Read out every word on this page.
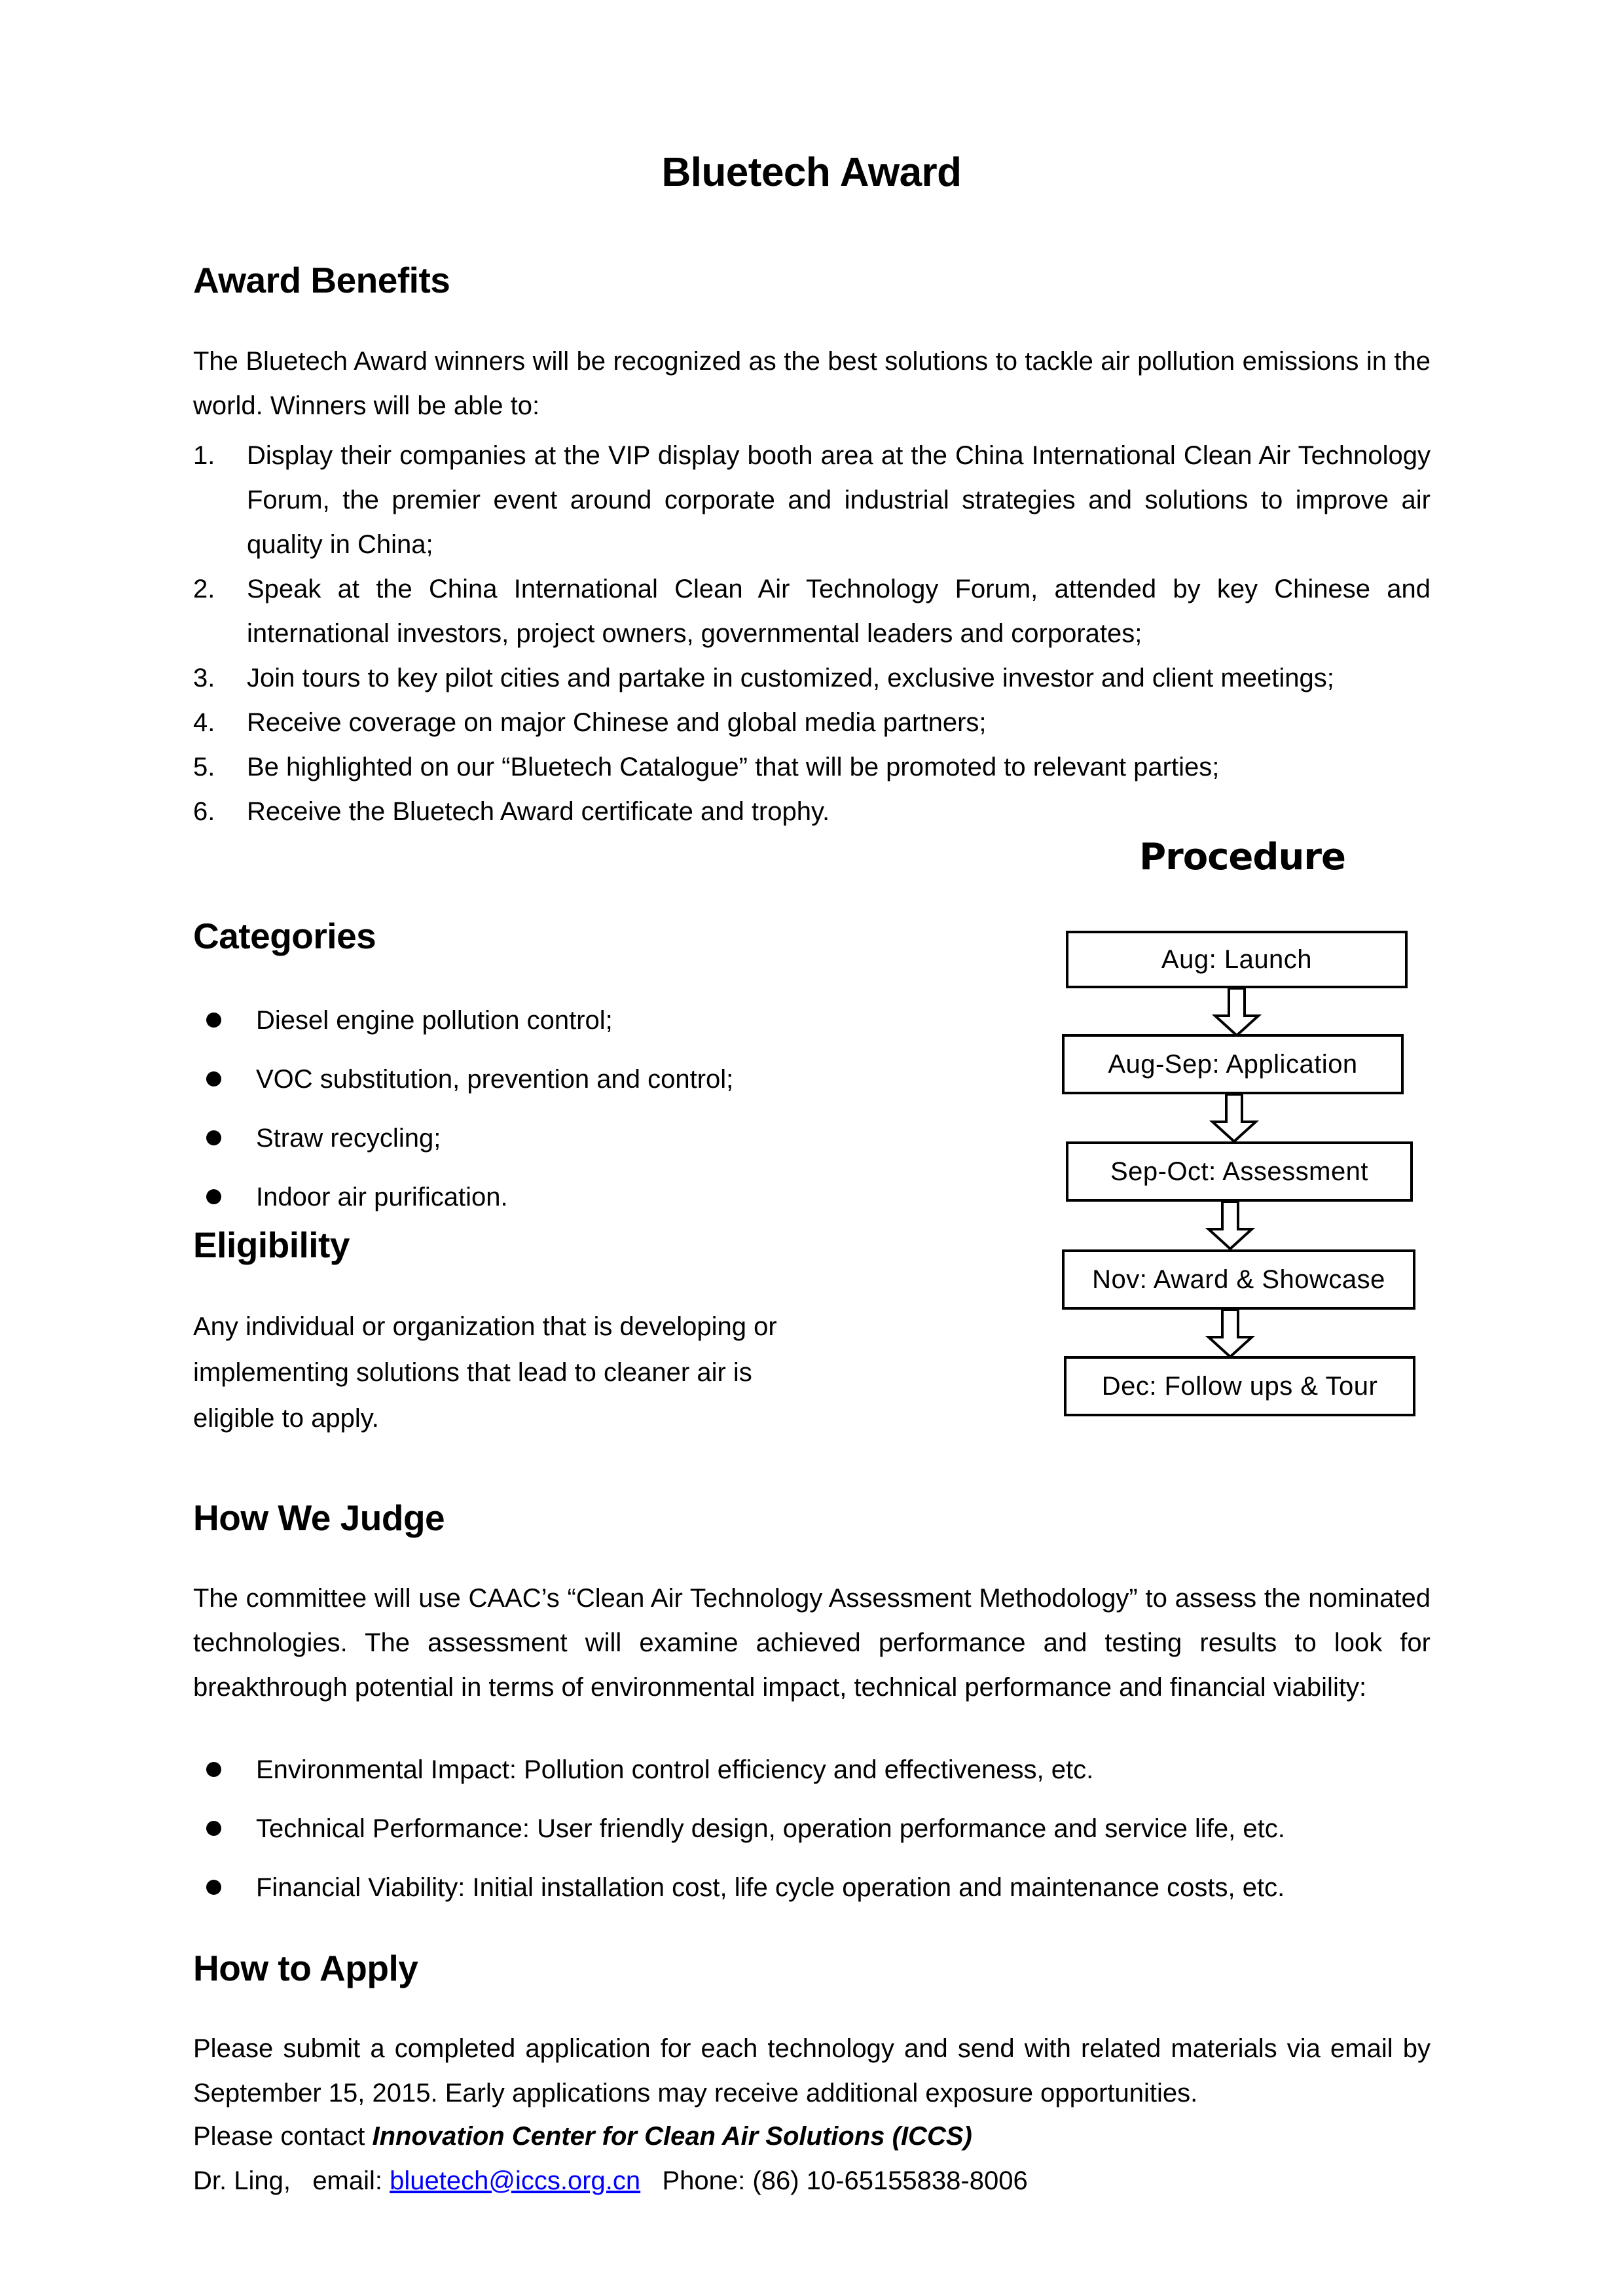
Bluetech Award
Award Benefits
The Bluetech Award winners will be recognized as the best solutions to tackle air pollution emissions in the world. Winners will be able to:
1. Display their companies at the VIP display booth area at the China International Clean Air Technology Forum, the premier event around corporate and industrial strategies and solutions to improve air quality in China;
2. Speak at the China International Clean Air Technology Forum, attended by key Chinese and international investors, project owners, governmental leaders and corporates;
3. Join tours to key pilot cities and partake in customized, exclusive investor and client meetings;
4. Receive coverage on major Chinese and global media partners;
5. Be highlighted on our “Bluetech Catalogue” that will be promoted to relevant parties;
6. Receive the Bluetech Award certificate and trophy.
Categories
Diesel engine pollution control;
VOC substitution, prevention and control;
Straw recycling;
Indoor air purification.
Eligibility
Any individual or organization that is developing or implementing solutions that lead to cleaner air is eligible to apply.
Procedure
Aug: Launch
Aug-Sep: Application
Sep-Oct: Assessment
Nov: Award & Showcase
Dec: Follow ups & Tour
How We Judge
The committee will use CAAC’s “Clean Air Technology Assessment Methodology” to assess the nominated technologies. The assessment will examine achieved performance and testing results to look for breakthrough potential in terms of environmental impact, technical performance and financial viability:
Environmental Impact: Pollution control efficiency and effectiveness, etc.
Technical Performance: User friendly design, operation performance and service life, etc.
Financial Viability: Initial installation cost, life cycle operation and maintenance costs, etc.
How to Apply
Please submit a completed application for each technology and send with related materials via email by September 15, 2015. Early applications may receive additional exposure opportunities.
Please contact Innovation Center for Clean Air Solutions (ICCS)
Dr. Ling, email: bluetech@iccs.org.cn Phone: (86) 10-65155838-8006
